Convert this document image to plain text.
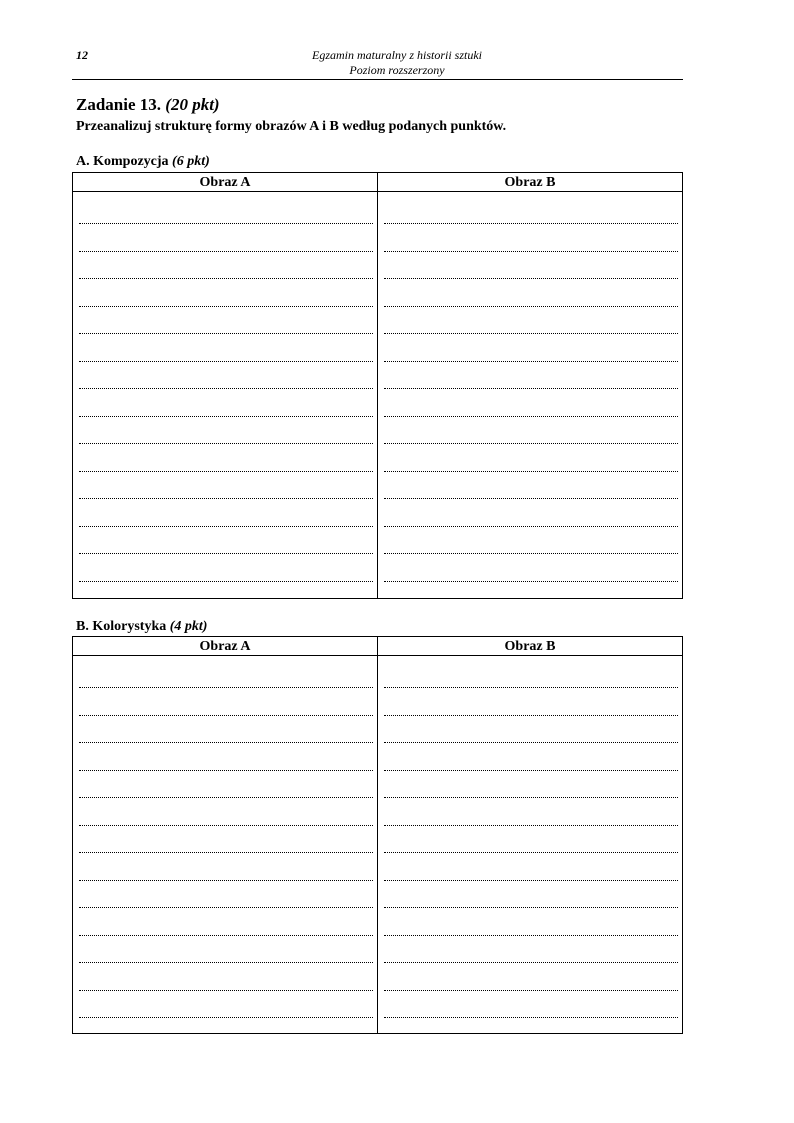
12	Egzamin maturalny z historii sztuki
Poziom rozszerzony
Zadanie 13. (20 pkt)
Przeanalizuj strukturę formy obrazów A i B według podanych punktów.
A. Kompozycja (6 pkt)
Obraz A	Obraz B

B. Kolorystyka (4 pkt)
Obraz A	Obraz B
